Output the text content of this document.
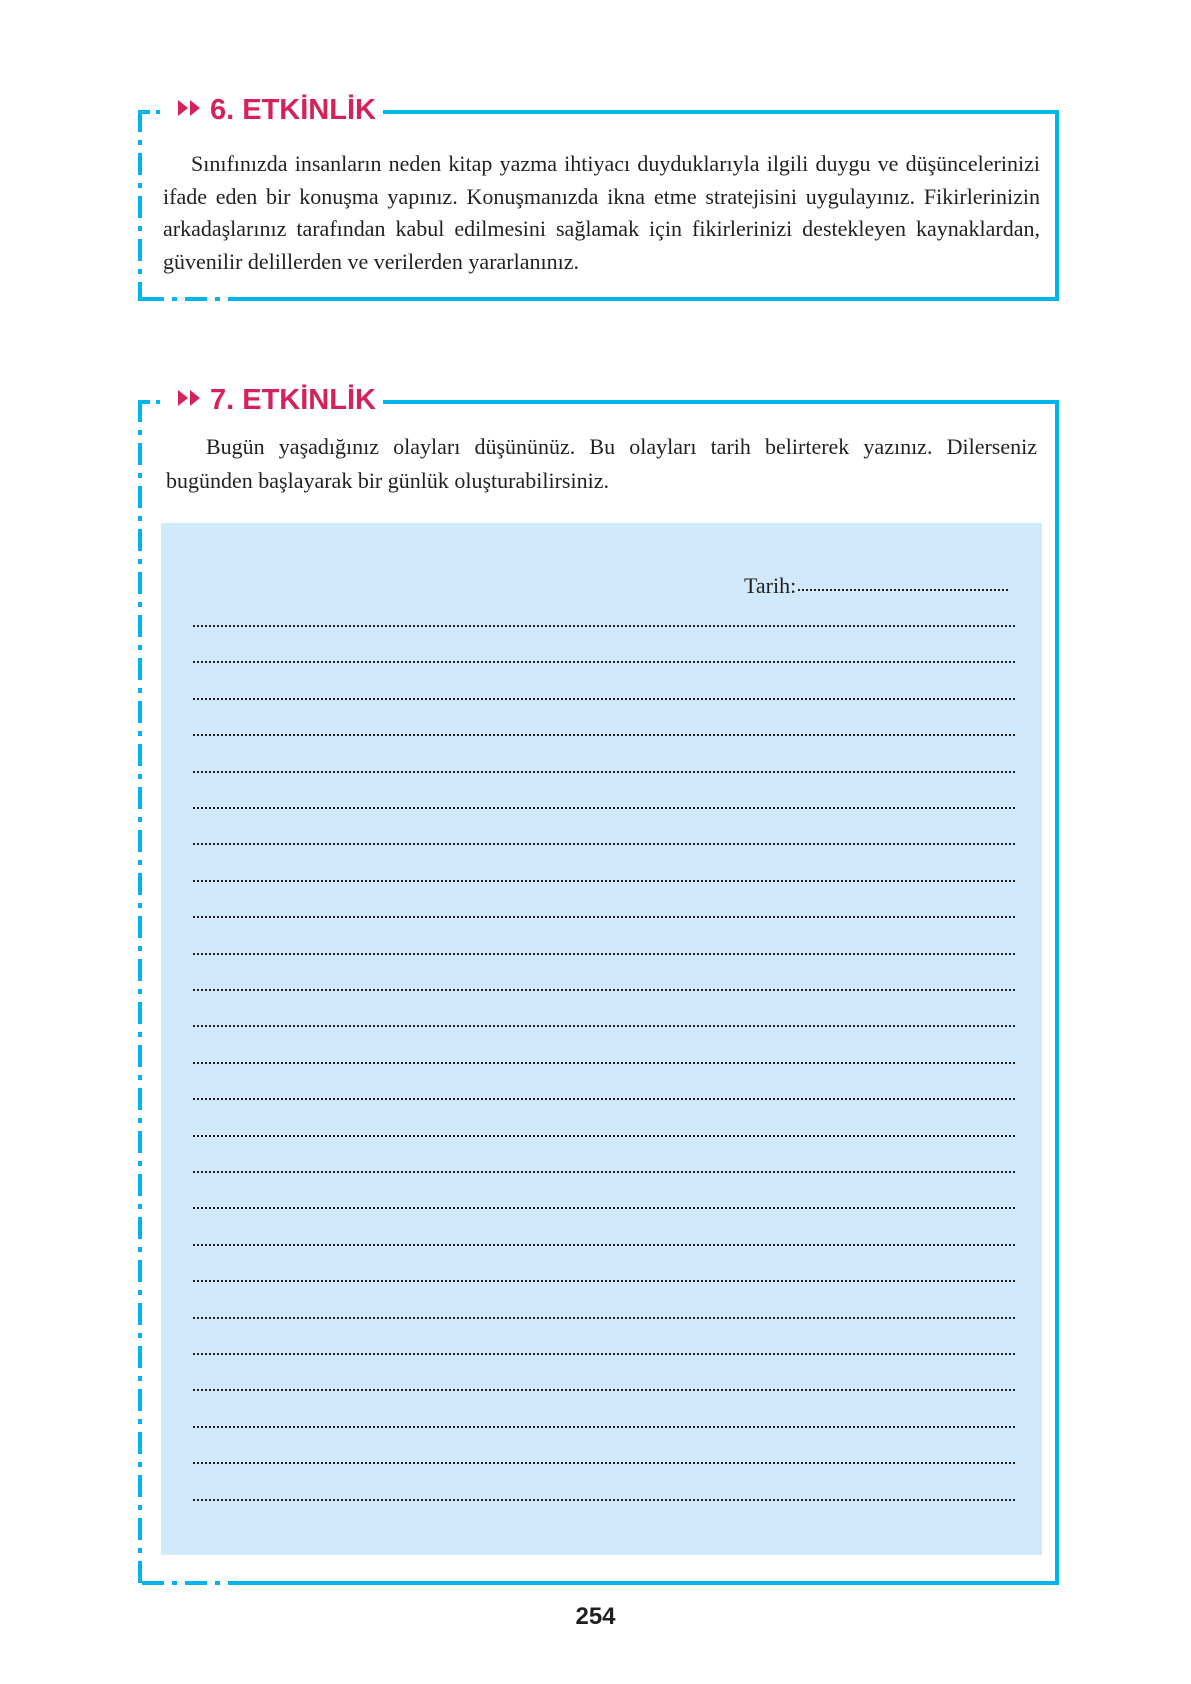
6. ETKİNLİK

Sınıfınızda insanların neden kitap yazma ihtiyacı duyduklarıyla ilgili duygu ve düşüncelerinizi ifade eden bir konuşma yapınız. Konuşmanızda ikna etme stratejisini uygulayınız. Fikirlerinizin arkadaşlarınız tarafından kabul edilmesini sağlamak için fikirlerinizi destekleyen kaynaklardan, güvenilir delillerden ve verilerden yararlanınız.

7. ETKİNLİK

Bugün yaşadığınız olayları düşününüz. Bu olayları tarih belirterek yazınız. Dilerseniz bugünden başlayarak bir günlük oluşturabilirsiniz.

Tarih:
254
